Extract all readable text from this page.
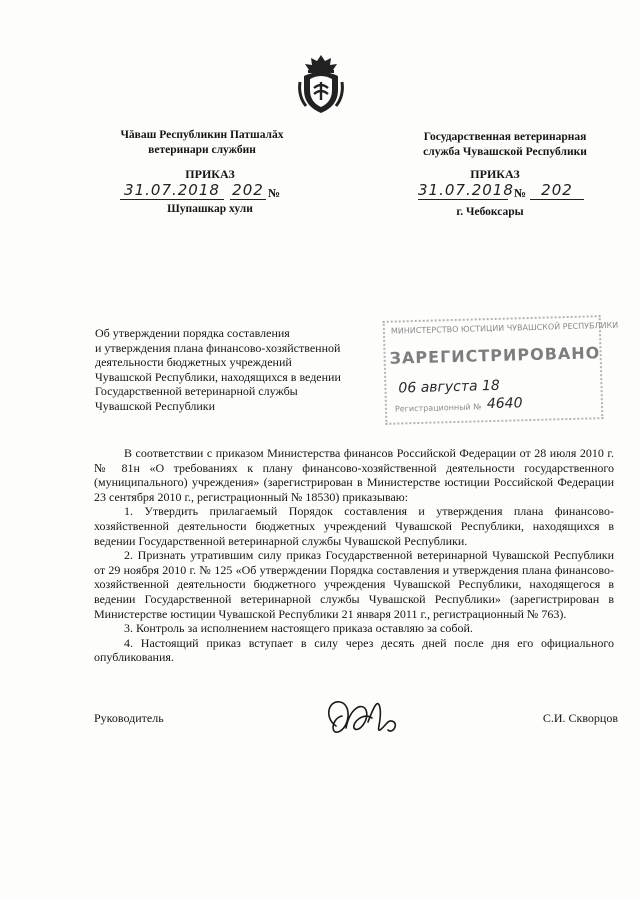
Чăваш Республикин Патшалăх
ветеринари службин
Государственная ветеринарная
служба Чувашской Республики
ПРИКАЗ	ПРИКАЗ
31.07.2018 202 №	31.07.2018 №	202
Шупашкар хули	г. Чебоксары
Об утверждении порядка составления
и утверждения плана финансово-хозяйственной
деятельности бюджетных учреждений
Чувашской Республики, находящихся в ведении
Государственной ветеринарной службы
Чувашской Республики
МИНИСТЕРСТВО ЮСТИЦИИ ЧУВАШСКОЙ РЕСПУБЛИКИ
ЗАРЕГИСТРИРОВАНО
06 августа 18
Регистрационный № 4640

В соответствии с приказом Министерства финансов Российской Федерации от 28 июля 2010 г. № 81н «О требованиях к плану финансово-хозяйственной деятельности государственного (муниципального) учреждения» (зарегистрирован в Министерстве юстиции Российской Федерации 23 сентября 2010 г., регистрационный № 18530) приказываю:

1. Утвердить прилагаемый Порядок составления и утверждения плана финансово-хозяйственной деятельности бюджетных учреждений Чувашской Республики, находящихся в ведении Государственной ветеринарной службы Чувашской Республики.

2. Признать утратившим силу приказ Государственной ветеринарной Чувашской Республики от 29 ноября 2010 г. № 125 «Об утверждении Порядка составления и утверждения плана финансово-хозяйственной деятельности бюджетного учреждения Чувашской Республики, находящегося в ведении Государственной ветеринарной службы Чувашской Республики» (зарегистрирован в Министерстве юстиции Чувашской Республики 21 января 2011 г., регистрационный № 763).

3. Контроль за исполнением настоящего приказа оставляю за собой.

4. Настоящий приказ вступает в силу через десять дней после дня его официального опубликования.

Руководитель	С.И. Скворцов
